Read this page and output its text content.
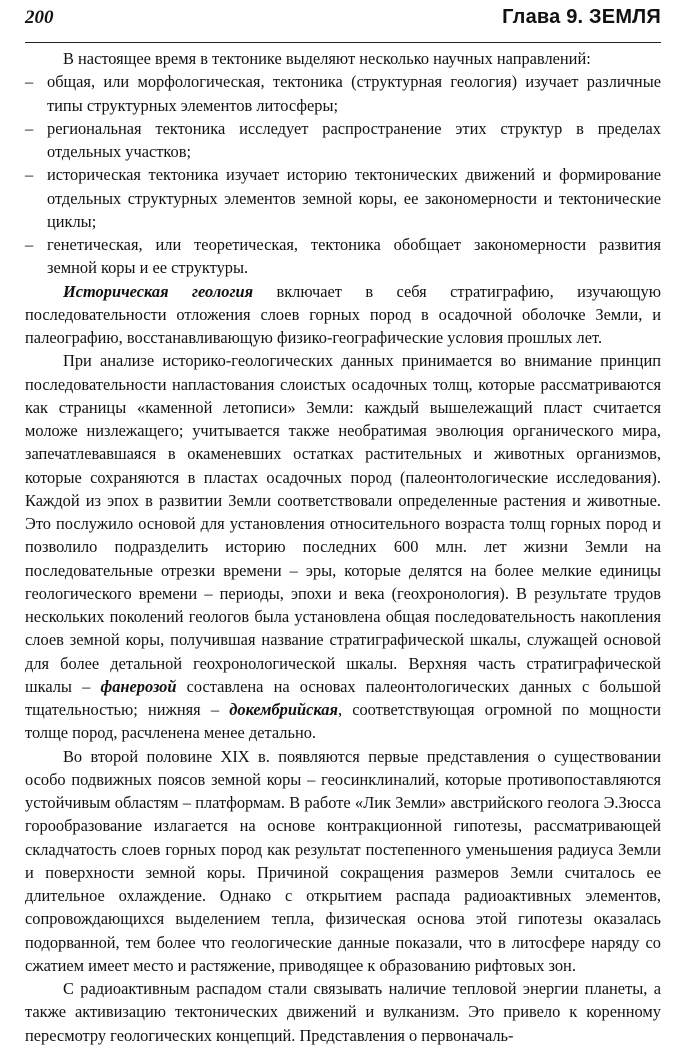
200	Глава 9. ЗЕМЛЯ

В настоящее время в тектонике выделяют несколько научных направлений:

– общая, или морфологическая, тектоника (структурная геология) изучает различные типы структурных элементов литосферы;
– региональная тектоника исследует распространение этих структур в пределах отдельных участков;
– историческая тектоника изучает историю тектонических движений и формирование отдельных структурных элементов земной коры, ее закономерности и тектонические циклы;
– генетическая, или теоретическая, тектоника обобщает закономерности развития земной коры и ее структуры.

Историческая геология включает в себя стратиграфию, изучающую последовательности отложения слоев горных пород в осадочной оболочке Земли, и палеографию, восстанавливающую физико-географические условия прошлых лет.

При анализе историко-геологических данных принимается во внимание принцип последовательности напластования слоистых осадочных толщ, которые рассматриваются как страницы «каменной летописи» Земли: каждый вышележащий пласт считается моложе низлежащего; учитывается также необратимая эволюция органического мира, запечатлевавшаяся в окаменевших остатках растительных и животных организмов, которые сохраняются в пластах осадочных пород (палеонтологические исследования). Каждой из эпох в развитии Земли соответствовали определенные растения и животные. Это послужило основой для установления относительного возраста толщ горных пород и позволило подразделить историю последних 600 млн. лет жизни Земли на последовательные отрезки времени – эры, которые делятся на более мелкие единицы геологического времени – периоды, эпохи и века (геохронология). В результате трудов нескольких поколений геологов была установлена общая последовательность накопления слоев земной коры, получившая название стратиграфической шкалы, служащей основой для более детальной геохронологической шкалы. Верхняя часть стратиграфической шкалы – фанерозой составлена на основах палеонтологических данных с большой тщательностью; нижняя – докембрийская, соответствующая огромной по мощности толще пород, расчленена менее детально.

Во второй половине XIX в. появляются первые представления о существовании особо подвижных поясов земной коры – геосинклиналий, которые противопоставляются устойчивым областям – платформам. В работе «Лик Земли» австрийского геолога Э.Зюсса горообразование излагается на основе контракционной гипотезы, рассматривающей складчатость слоев горных пород как результат постепенного уменьшения радиуса Земли и поверхности земной коры. Причиной сокращения размеров Земли считалось ее длительное охлаждение. Однако с открытием распада радиоактивных элементов, сопровождающихся выделением тепла, физическая основа этой гипотезы оказалась подорванной, тем более что геологические данные показали, что в литосфере наряду со сжатием имеет место и растяжение, приводящее к образованию рифтовых зон.

С радиоактивным распадом стали связывать наличие тепловой энергии планеты, а также активизацию тектонических движений и вулканизм. Это привело к коренному пересмотру геологических концепций. Представления о первоначаль-
